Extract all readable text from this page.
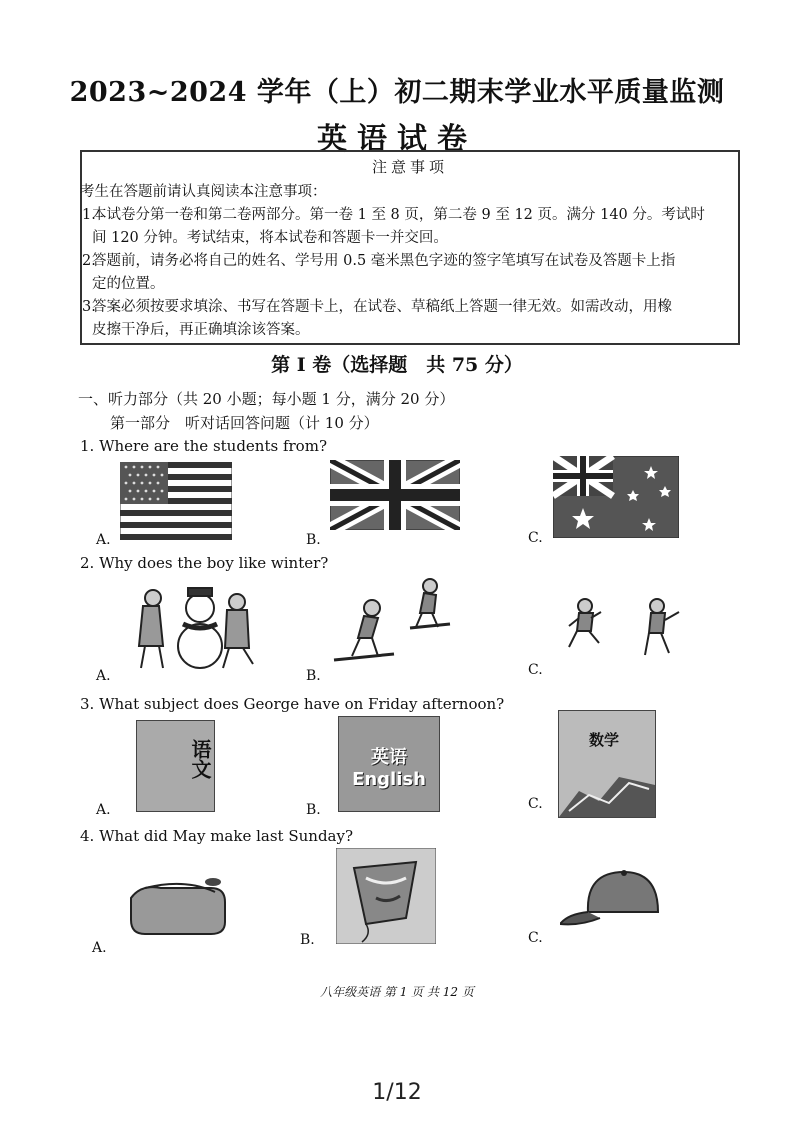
2023~2024 学年（上）初二期末学业水平质量监测
英语试卷
注意事项
考生在答题前请认真阅读本注意事项：
1.
本试卷分第一卷和第二卷两部分。第一卷 1 至 8 页，第二卷 9 至 12 页。满分 140 分。考试时
间 120 分钟。考试结束，将本试卷和答题卡一并交回。
2.
答题前，请务必将自己的姓名、学号用 0.5 毫米黑色字迹的签字笔填写在试卷及答题卡上指
定的位置。
3.
答案必须按要求填涂、书写在答题卡上，在试卷、草稿纸上答题一律无效。如需改动，用橡
皮擦干净后，再正确填涂该答案。
第 I 卷（选择题　共 75 分）
一、听力部分（共 20 小题；每小题 1 分，满分 20 分）
第一部分　听对话回答问题（计 10 分）
1. Where are the students from?
A.	B.	C.
2. Why does the boy like winter?
A.	B.	C.
3. What subject does George have on Friday afternoon?
语文
A.
英语 English
B.
数学
C.
4. What did May make last Sunday?
A.	B.	C.
八年级英语 第 1 页 共 12 页
1/12
